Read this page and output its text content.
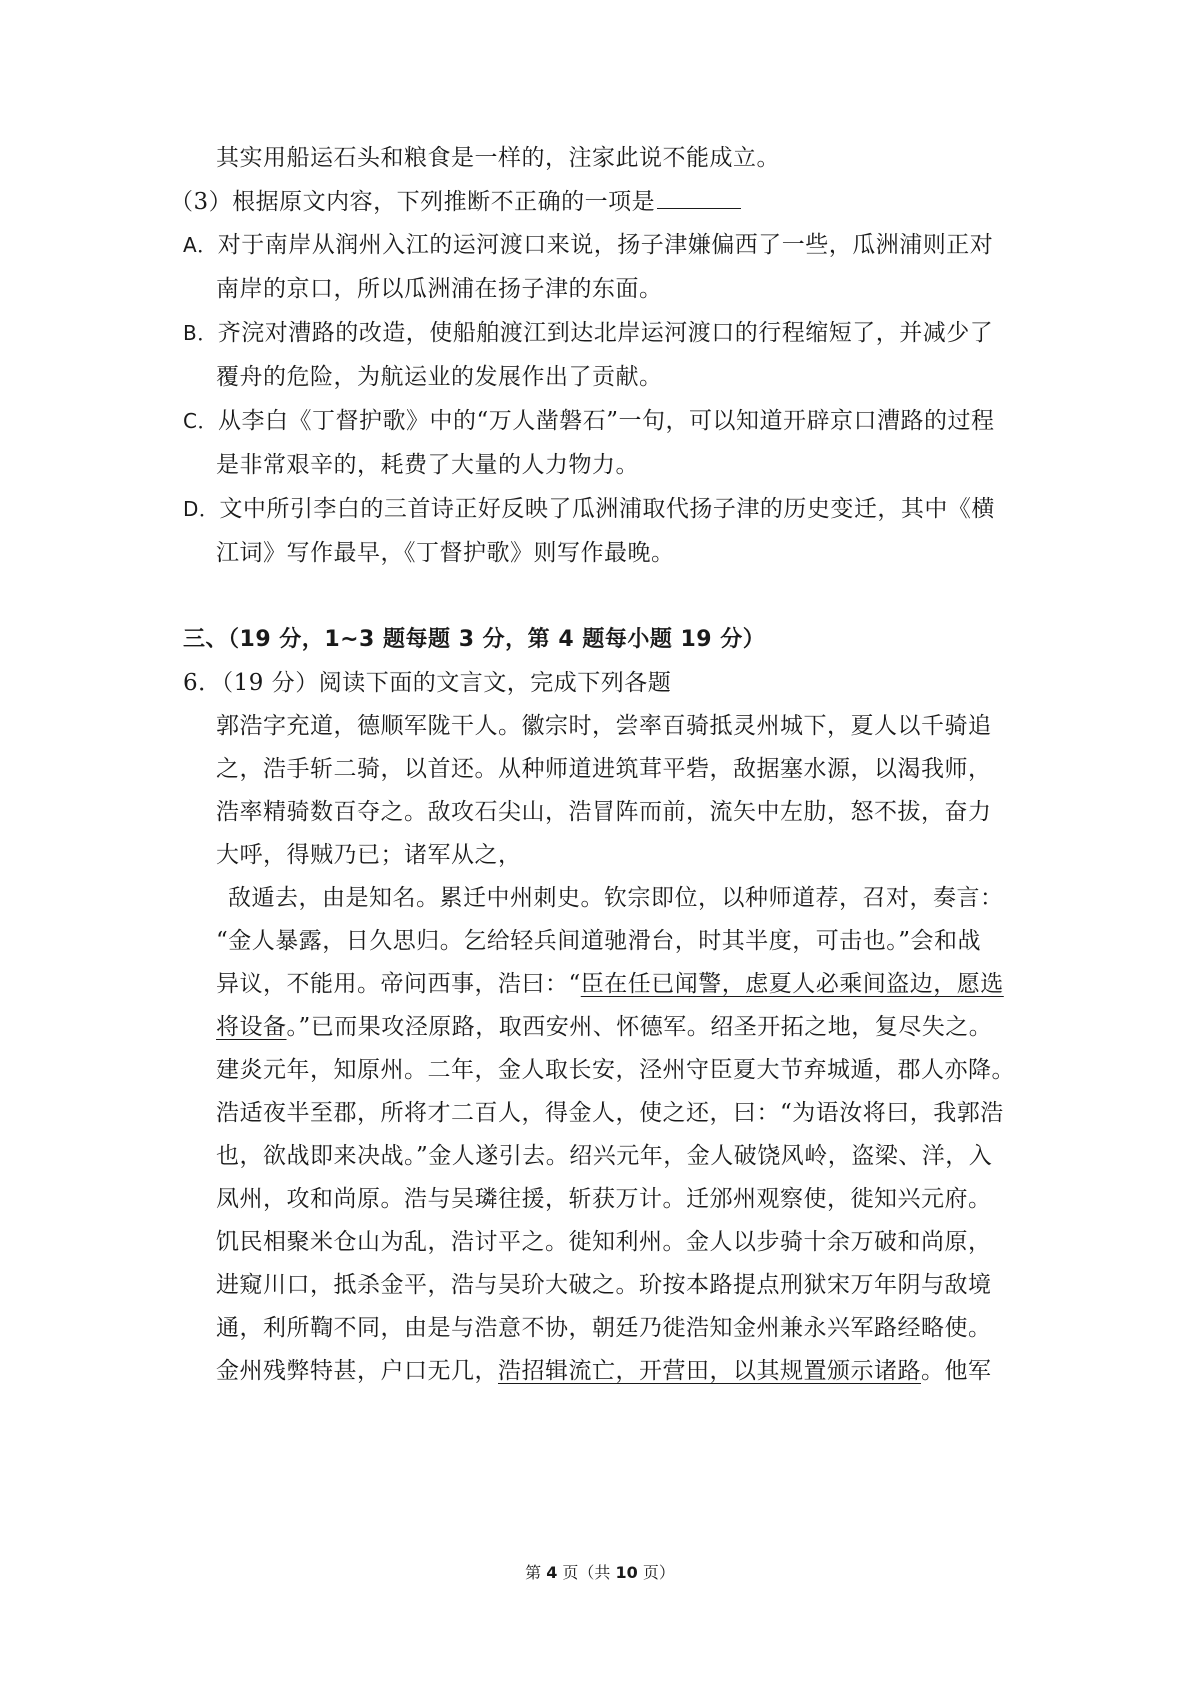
其实用船运石头和粮食是一样的，注家此说不能成立。
（3）根据原文内容，下列推断不正确的一项是
A．对于南岸从润州入江的运河渡口来说，扬子津嫌偏西了一些，瓜洲浦则正对
南岸的京口，所以瓜洲浦在扬子津的东面。
B．齐浣对漕路的改造，使船舶渡江到达北岸运河渡口的行程缩短了，并减少了
覆舟的危险，为航运业的发展作出了贡献。
C．从李白《丁督护歌》中的“万人凿磐石”一句，可以知道开辟京口漕路的过程
是非常艰辛的，耗费了大量的人力物力。
D．文中所引李白的三首诗正好反映了瓜洲浦取代扬子津的历史变迁，其中《横
江词》写作最早，《丁督护歌》则写作最晚。
三、（19 分，1~3 题每题 3 分，第 4 题每小题 19 分）
6．（19 分）阅读下面的文言文，完成下列各题
郭浩字充道，德顺军陇干人。徽宗时，尝率百骑抵灵州城下，夏人以千骑追
之，浩手斩二骑，以首还。从种师道进筑茸平砦，敌据塞水源，以渴我师，
浩率精骑数百夺之。敌攻石尖山，浩冒阵而前，流矢中左肋，怒不拔，奋力
大呼，得贼乃已；诸军从之，
敌遁去，由是知名。累迁中州刺史。钦宗即位，以种师道荐，召对，奏言：
“金人暴露，日久思归。乞给轻兵间道驰滑台，时其半度，可击也。”会和战
异议，不能用。帝问西事，浩曰：“臣在任已闻警，虑夏人必乘间盗边，愿选
将设备。”已而果攻泾原路，取西安州、怀德军。绍圣开拓之地，复尽失之。
建炎元年，知原州。二年，金人取长安，泾州守臣夏大节弃城遁，郡人亦降。
浩适夜半至郡，所将才二百人，得金人，使之还，曰：“为语汝将曰，我郭浩
也，欲战即来决战。”金人遂引去。绍兴元年，金人破饶风岭，盗梁、洋，入
凤州，攻和尚原。浩与吴璘往援，斩获万计。迁邠州观察使，徙知兴元府。
饥民相聚米仓山为乱，浩讨平之。徙知利州。金人以步骑十余万破和尚原，
进窥川口，抵杀金平，浩与吴玠大破之。玠按本路提点刑狱宋万年阴与敌境
通，利所鞫不同，由是与浩意不协，朝廷乃徙浩知金州兼永兴军路经略使。
金州残弊特甚，户口无几，浩招辑流亡，开营田，以其规置颁示诸路。他军
第 4 页（共 10 页）
